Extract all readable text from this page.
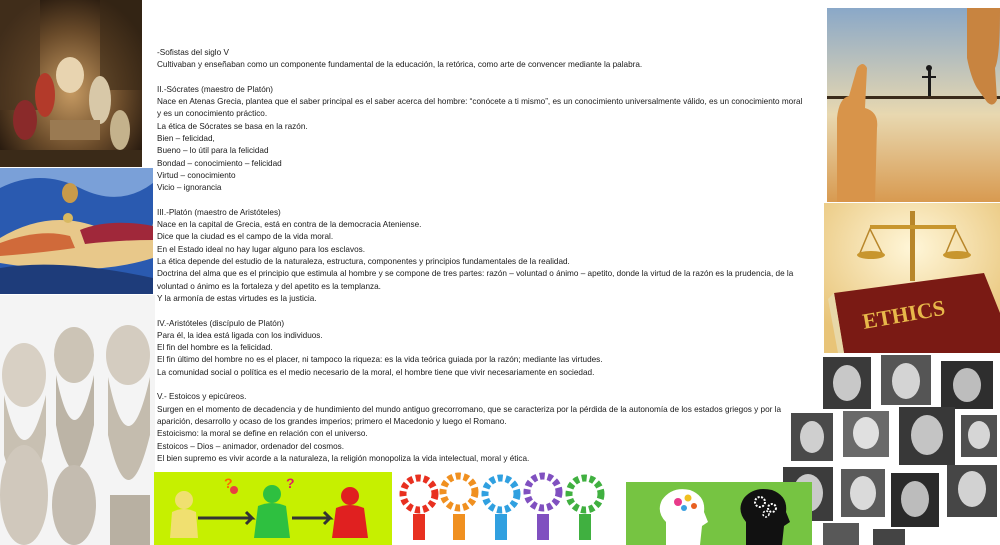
-Sofistas del siglo V

Cultivaban y enseñaban como un componente fundamental de la educación, la retórica, como arte de convencer mediante la palabra.

II.-Sócrates (maestro de Platón)

Nace en Atenas Grecia, plantea que el saber principal es el saber acerca del hombre: “conócete a ti mismo”, es un conocimiento universalmente válido, es un conocimiento moral y es un conocimiento práctico.

La ética de Sócrates se basa en la razón.

Bien – felicidad,

Bueno – lo útil para la felicidad

Bondad – conocimiento – felicidad

Virtud – conocimiento

Vicio – ignorancia

III.-Platón (maestro de Aristóteles)

Nace en la capital de Grecia, está en contra de la democracia Ateniense.

Dice que la ciudad es el campo de la vida moral.

En el Estado ideal no hay lugar alguno para los esclavos.

La ética depende del estudio de la naturaleza, estructura, componentes y principios fundamentales de la realidad.

Doctrina del alma que es el principio que estimula al hombre y se compone de tres partes: razón – voluntad o ánimo – apetito, donde la virtud de la razón es la prudencia, de la voluntad o ánimo es la fortaleza y del apetito es la templanza.

Y la armonía de estas virtudes es la justicia.

IV.-Aristóteles (discípulo de Platón)

Para él, la idea está ligada con los individuos.

El fin del hombre es la felicidad.

El fin último del hombre no es el placer, ni tampoco la riqueza: es la vida teórica guiada por la razón; mediante las virtudes.

La comunidad social o política es el medio necesario de la moral, el hombre tiene que vivir necesariamente en sociedad.

V.- Estoicos y epicúreos.

Surgen en el momento de decadencia y de hundimiento del mundo antiguo grecorromano, que se caracteriza por la pérdida de la autonomía de los estados griegos y por la aparición, desarrollo y ocaso de los grandes imperios; primero el Macedonio y luego el Romano.

Estoicismo: la moral se define en relación con el universo.

Estoicos – Dios – animador, ordenador del cosmos.

El bien supremo es vivir acorde a la naturaleza, la religión monopoliza la vida intelectual, moral y ética.

ETHICS
?	?
